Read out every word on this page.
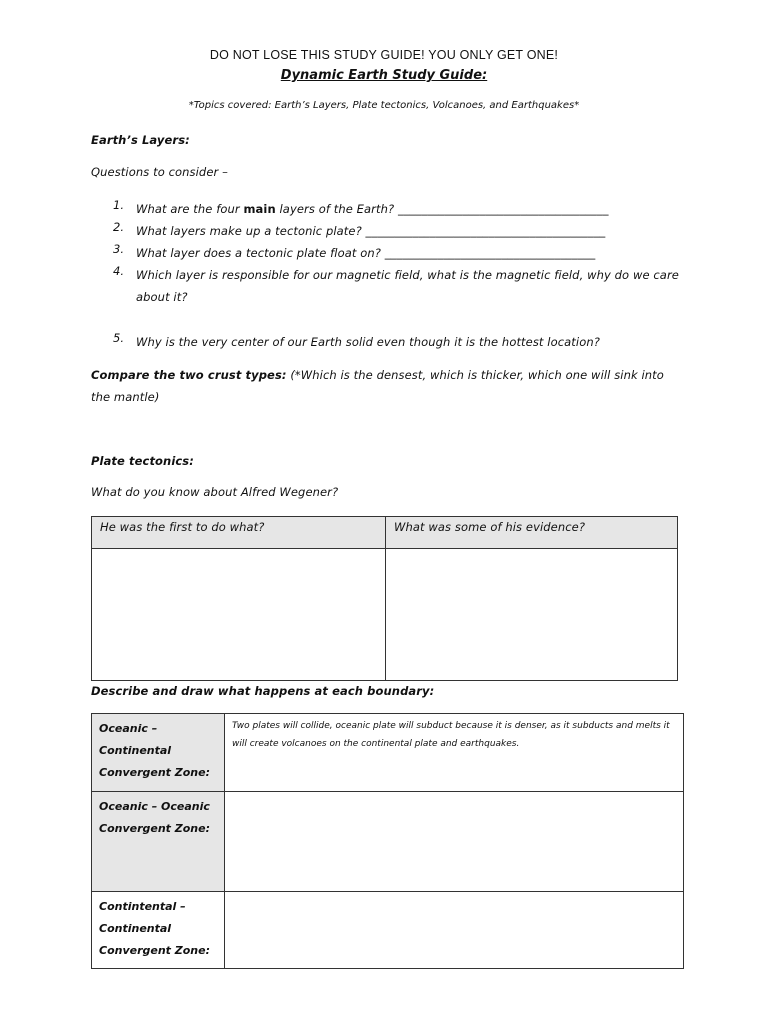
DO NOT LOSE THIS STUDY GUIDE! YOU ONLY GET ONE!
Dynamic Earth Study Guide:
*Topics covered: Earth’s Layers, Plate tectonics, Volcanoes, and Earthquakes*
Earth’s Layers:
Questions to consider –
1.	What are the four main layers of the Earth? ____________________________________
2.	What layers make up a tectonic plate? _________________________________________
3.	What layer does a tectonic plate float on? ____________________________________
4.	Which layer is responsible for our magnetic field, what is the magnetic field, why do we care about it?
5.	Why is the very center of our Earth solid even though it is the hottest location?
Compare the two crust types: (*Which is the densest, which is thicker, which one will sink into the mantle)
Plate tectonics:
What do you know about Alfred Wegener?
He was the first to do what?	What was some of his evidence?

Describe and draw what happens at each boundary:
Oceanic – Continental Convergent Zone:	Two plates will collide, oceanic plate will subduct because it is denser, as it subducts and melts it will create volcanoes on the continental plate and earthquakes.

Oceanic – Oceanic Convergent Zone:	

Contintental – Continental Convergent Zone:	
